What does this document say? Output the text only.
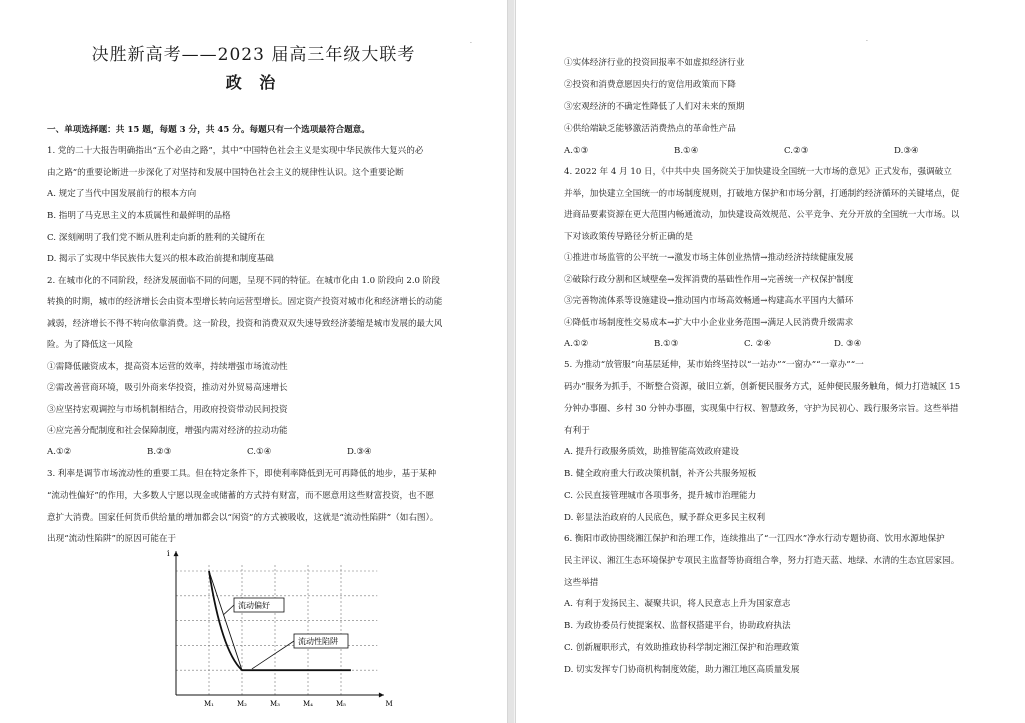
决胜新高考——2023 届高三年级大联考
政 治
一、单项选择题：共 15 题，每题 3 分，共 45 分。每题只有一个选项最符合题意。
1. 党的二十大报告明确指出“五个必由之路”，其中“中国特色社会主义是实现中华民族伟大复兴的必
由之路”的重要论断进一步深化了对坚持和发展中国特色社会主义的规律性认识。这个重要论断
A. 规定了当代中国发展前行的根本方向
B. 指明了马克思主义的本质属性和最鲜明的品格
C. 深刻阐明了我们党不断从胜利走向新的胜利的关键所在
D. 揭示了实现中华民族伟大复兴的根本政治前提和制度基础
2. 在城市化的不同阶段，经济发展面临不同的问题，呈现不同的特征。在城市化由 1.0 阶段向 2.0 阶段
转换的时期，城市的经济增长会由资本型增长转向运营型增长。固定资产投资对城市化和经济增长的动能
减弱，经济增长不得不转向依靠消费。这一阶段，投资和消费双双失速导致经济萎缩是城市发展的最大风
险。为了降低这一风险
①需降低融资成本，提高资本运营的效率，持续增强市场流动性
②需改善营商环境，吸引外商来华投资，推动对外贸易高速增长
③应坚持宏观调控与市场机制相结合，用政府投资带动民间投资
④应完善分配制度和社会保障制度，增强内需对经济的拉动功能
A.①②	B.②③	C.①④	D.③④
3. 利率是调节市场流动性的重要工具。但在特定条件下，即使利率降低到无可再降低的地步，基于某种
“流动性偏好”的作用，大多数人宁愿以现金或储蓄的方式持有财富，而不愿意用这些财富投资，也不愿
意扩大消费。国家任何货币供给量的增加都会以“闲资”的方式被吸收，这就是“流动性陷阱”（如右图）。
出现“流动性陷阱”的原因可能在于
i
M
M₁	M₂	M₃	M₄	M₅
流动偏好
流动性陷阱
·
①实体经济行业的投资回报率不如虚拟经济行业
②投资和消费意愿因央行的宽信用政策而下降
③宏观经济的不确定性降低了人们对未来的预期
④供给端缺乏能够激活消费热点的革命性产品
A.①③	B.①④	C.②③	D.③④
4. 2022 年 4 月 10 日，《中共中央 国务院关于加快建设全国统一大市场的意见》正式发布，强调破立
并举，加快建立全国统一的市场制度规则，打破地方保护和市场分割，打通制约经济循环的关键堵点，促
进商品要素资源在更大范围内畅通流动，加快建设高效规范、公平竞争、充分开放的全国统一大市场。以
下对该政策传导路径分析正确的是
①推进市场监管的公平统一→激发市场主体创业热情→推动经济持续健康发展
②破除行政分割和区域壁垒→发挥消费的基础性作用→完善统一产权保护制度
③完善物流体系等设施建设→推动国内市场高效畅通→构建高水平国内大循环
④降低市场制度性交易成本→扩大中小企业业务范围→满足人民消费升级需求
A.①②	B.①③	C. ②④	D. ③④
5. 为推动“放管服”向基层延伸，某市始终坚持以“一站办”“一窗办”“一章办”“一
码办”服务为抓手，不断整合资源，破旧立新，创新便民服务方式，延伸便民服务触角，倾力打造城区 15
分钟办事圈、乡村 30 分钟办事圈，实现集中行权、智慧政务，守护为民初心、践行服务宗旨。这些举措
有利于
A. 提升行政服务质效，助推智能高效政府建设
B. 健全政府重大行政决策机制，补齐公共服务短板
C. 公民直接管理城市各项事务，提升城市治理能力
D. 彰显法治政府的人民底色，赋予群众更多民主权利
6. 衡阳市政协围绕湘江保护和治理工作，连续推出了“一江四水”净水行动专题协商、饮用水源地保护
民主评议、湘江生态环境保护专项民主监督等协商组合拳，努力打造天蓝、地绿、水清的生态宜居家园。
这些举措
A. 有利于发扬民主、凝聚共识，将人民意志上升为国家意志
B. 为政协委员行使提案权、监督权搭建平台，协助政府执法
C. 创新履职形式，有效助推政协科学制定湘江保护和治理政策
D. 切实发挥专门协商机构制度效能，助力湘江地区高质量发展
·
